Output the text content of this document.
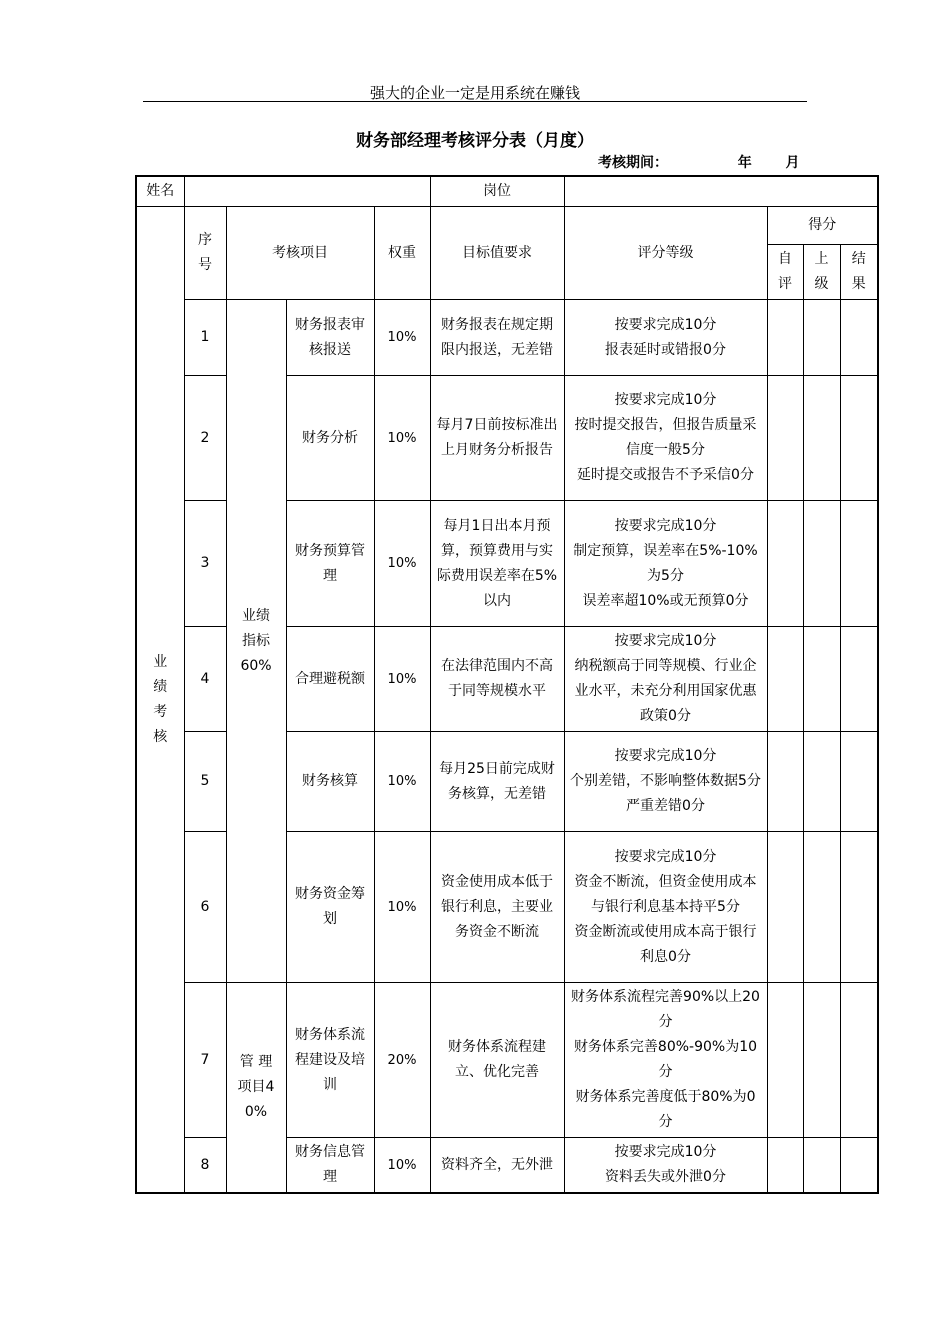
强大的企业一定是用系统在赚钱
财务部经理考核评分表（月度）
考核期间：	年 月
姓名					岗位				
业绩考核	序号	考核项目		权重	目标值要求	评分等级	得分		
							自评	上级	结果
	1	业绩指标60%	财务报表审核报送	10%	财务报表在规定期限内报送，无差错	按要求完成10分
报表延时或错报0分			
	2		财务分析	10%	每月7日前按标准出上月财务分析报告	按要求完成10分
按时提交报告，但报告质量采信度一般5分
延时提交或报告不予采信0分			
	3		财务预算管理	10%	每月1日出本月预算，预算费用与实际费用误差率在5%以内	按要求完成10分
制定预算，误差率在5%-10%为5分
误差率超10%或无预算0分			
	4		合理避税额	10%	在法律范围内不高于同等规模水平	按要求完成10分
纳税额高于同等规模、行业企业水平，未充分利用国家优惠政策0分			
	5		财务核算	10%	每月25日前完成财务核算，无差错	按要求完成10分
个别差错，不影响整体数据5分
严重差错0分			
	6		财务资金筹划	10%	资金使用成本低于银行利息，主要业务资金不断流	按要求完成10分
资金不断流，但资金使用成本与银行利息基本持平5分
资金断流或使用成本高于银行利息0分			
	7	管 理项目40%	财务体系流程建设及培训	20%	财务体系流程建立、优化完善	财务体系流程完善90%以上20分
财务体系完善80%-90%为10分
财务体系完善度低于80%为0分			
	8		财务信息管理	10%	资料齐全，无外泄	按要求完成10分
资料丢失或外泄0分			
